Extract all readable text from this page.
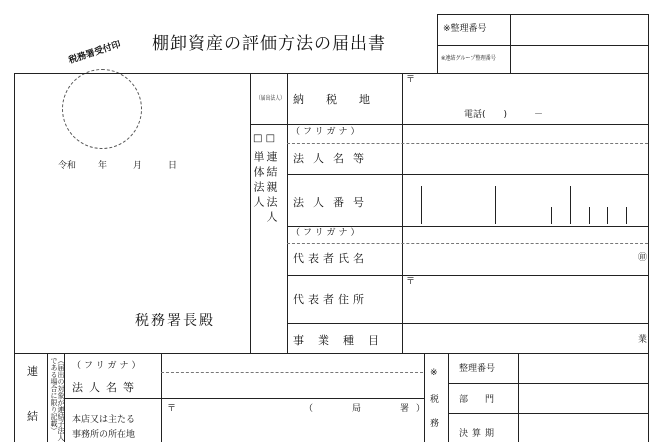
棚卸資産の評価方法の届出書
税務署受付印
※整理番号
※連結グループ整理番号
令和 年	月	日
税務署長殿
（届出法人）
□ □
単体法人 連結親法人
納税地
〒
電話(　　)　　　－
（フリガナ）
法人名等
法人番号
（フリガナ）
代表者氏名	㊞
代表者住所
〒
事業種目	業
連
結	（届出の対象が連結子法人である場合に限り記載）	（フリガナ）
法人名等
本店又は主たる
事務所の所在地
〒	（　　局　　署）
※
税
務
整理番号
部　門
決算期
